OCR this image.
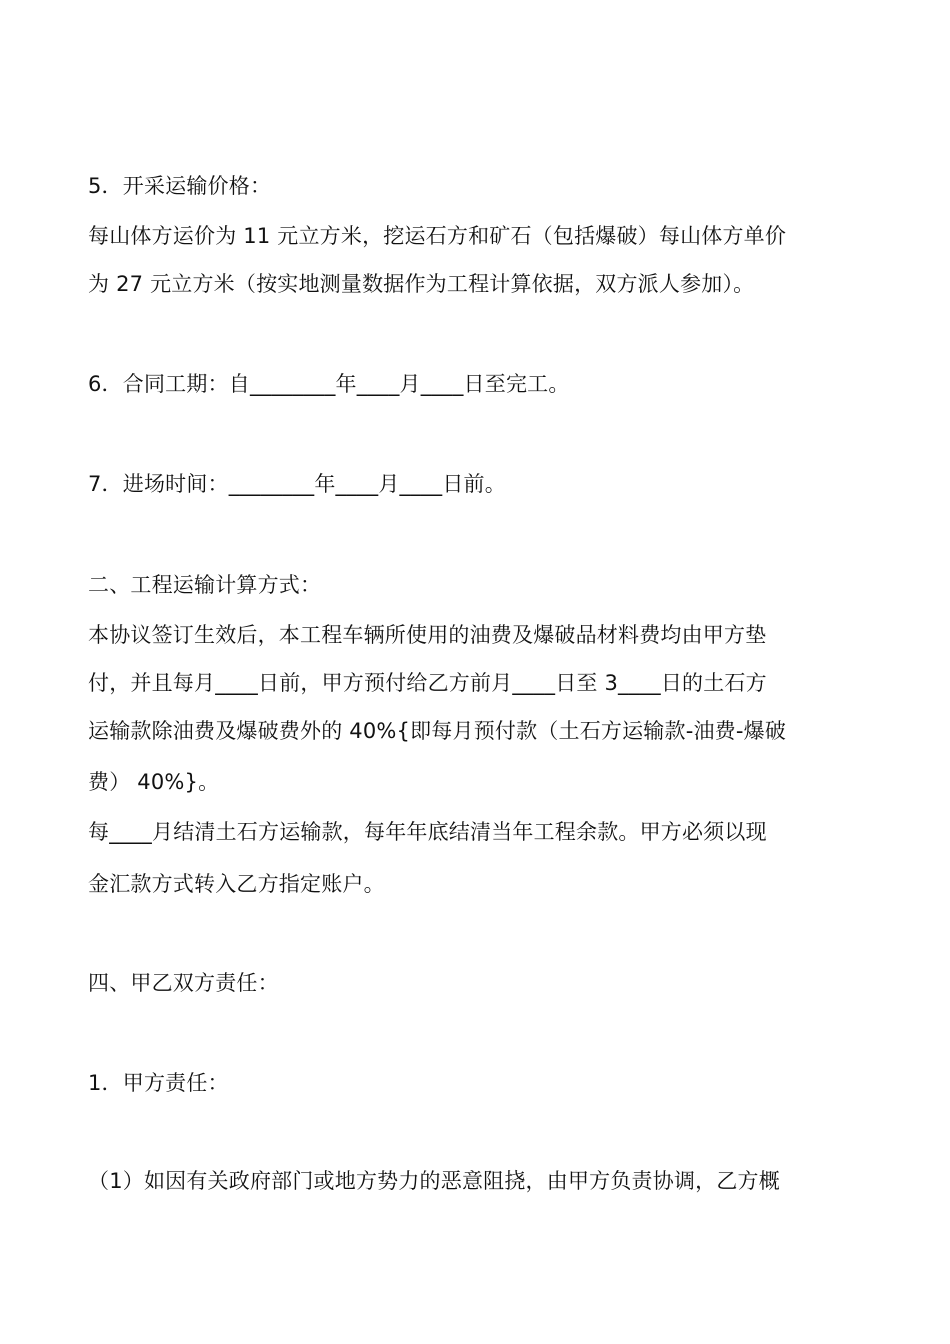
5．开采运输价格：
每山体方运价为 11 元立方米，挖运石方和矿石（包括爆破）每山体方单价
为 27 元立方米（按实地测量数据作为工程计算依据，双方派人参加）。
6．合同工期：自________年____月____日至完工。
7．进场时间：________年____月____日前。
二、工程运输计算方式：
本协议签订生效后，本工程车辆所使用的油费及爆破品材料费均由甲方垫
付，并且每月____日前，甲方预付给乙方前月____日至 3____日的土石方
运输款除油费及爆破费外的 40%{即每月预付款（土石方运输款-油费-爆破
费） 40%}。
每____月结清土石方运输款，每年年底结清当年工程余款。甲方必须以现
金汇款方式转入乙方指定账户。
四、甲乙双方责任：
1．甲方责任：
（1）如因有关政府部门或地方势力的恶意阻挠，由甲方负责协调，乙方概
